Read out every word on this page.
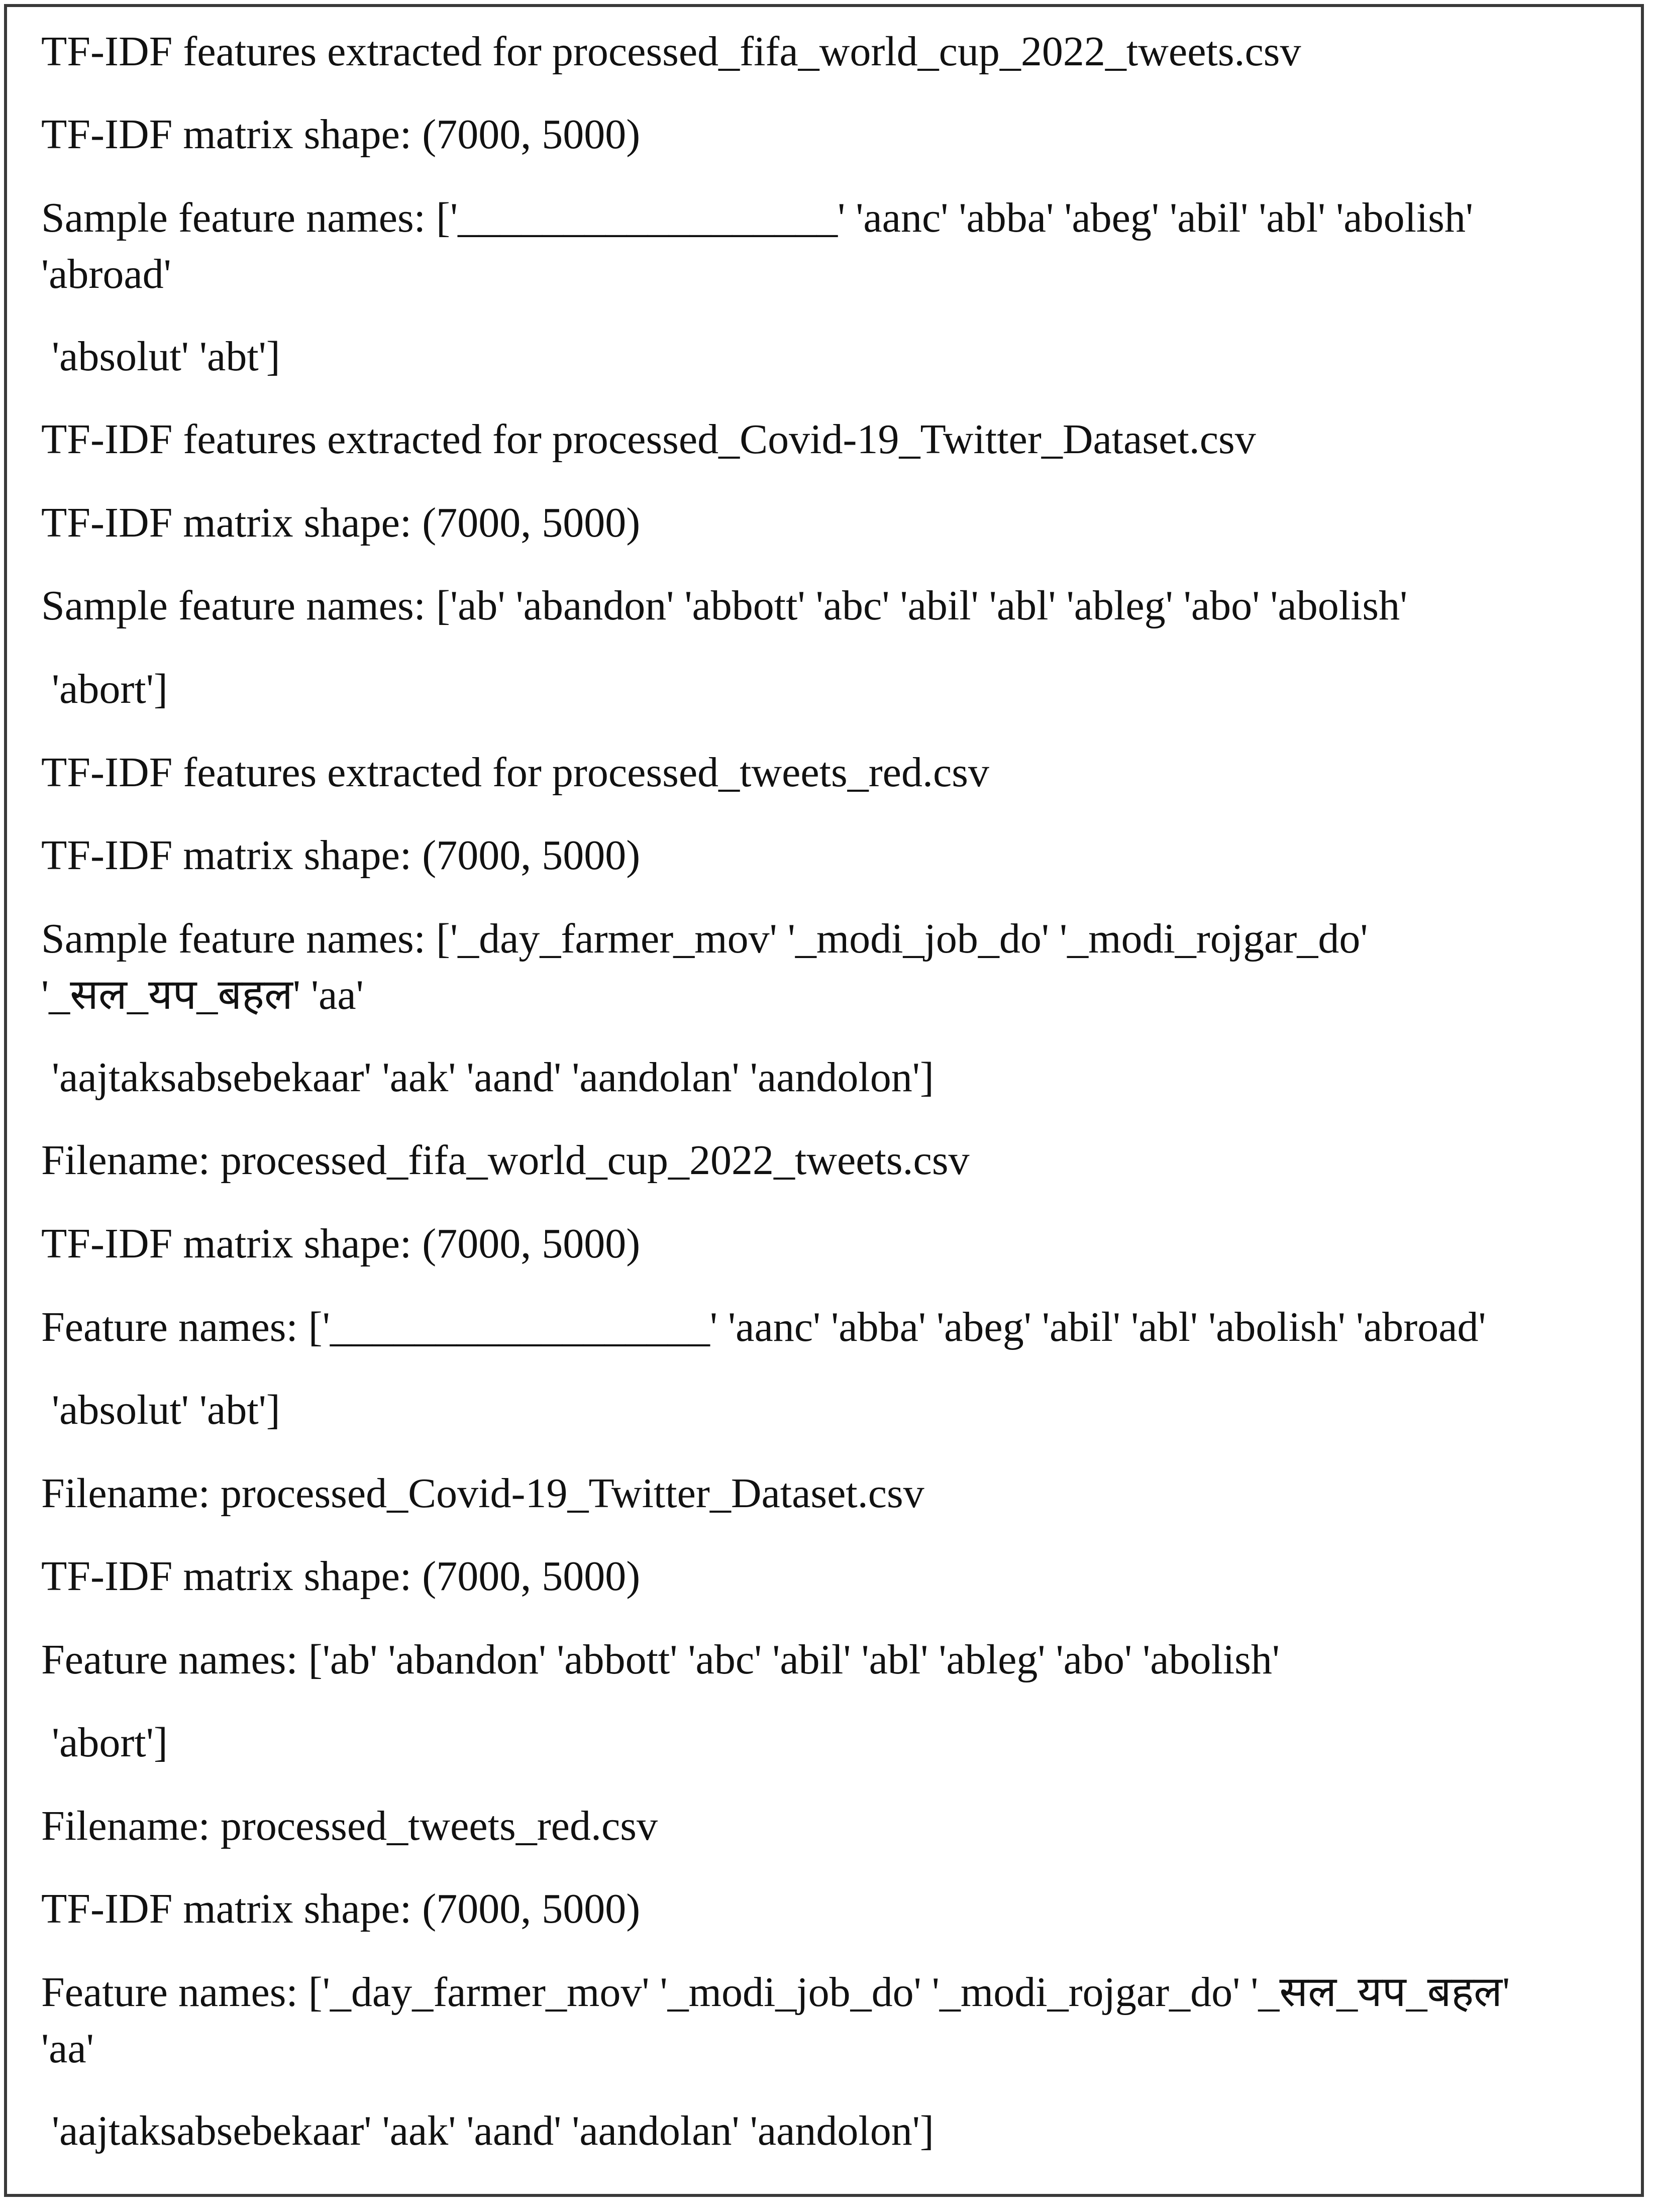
TF-IDF features extracted for processed_fifa_world_cup_2022_tweets.csv

TF-IDF matrix shape: (7000, 5000)

Sample feature names: ['__________________' 'aanc' 'abba' 'abeg' 'abil' 'abl' 'abolish'

'abroad'

'absolut' 'abt']

TF-IDF features extracted for processed_Covid-19_Twitter_Dataset.csv

TF-IDF matrix shape: (7000, 5000)

Sample feature names: ['ab' 'abandon' 'abbott' 'abc' 'abil' 'abl' 'ableg' 'abo' 'abolish'

'abort']

TF-IDF features extracted for processed_tweets_red.csv

TF-IDF matrix shape: (7000, 5000)

Sample feature names: ['_day_farmer_mov' '_modi_job_do' '_modi_rojgar_do'

'_सल_यप_बहल' 'aa'

'aajtaksabsebekaar' 'aak' 'aand' 'aandolan' 'aandolon']

Filename: processed_fifa_world_cup_2022_tweets.csv

TF-IDF matrix shape: (7000, 5000)

Feature names: ['__________________' 'aanc' 'abba' 'abeg' 'abil' 'abl' 'abolish' 'abroad'

'absolut' 'abt']

Filename: processed_Covid-19_Twitter_Dataset.csv

TF-IDF matrix shape: (7000, 5000)

Feature names: ['ab' 'abandon' 'abbott' 'abc' 'abil' 'abl' 'ableg' 'abo' 'abolish'

'abort']

Filename: processed_tweets_red.csv

TF-IDF matrix shape: (7000, 5000)

Feature names: ['_day_farmer_mov' '_modi_job_do' '_modi_rojgar_do' '_सल_यप_बहल'

'aa'

'aajtaksabsebekaar' 'aak' 'aand' 'aandolan' 'aandolon']
